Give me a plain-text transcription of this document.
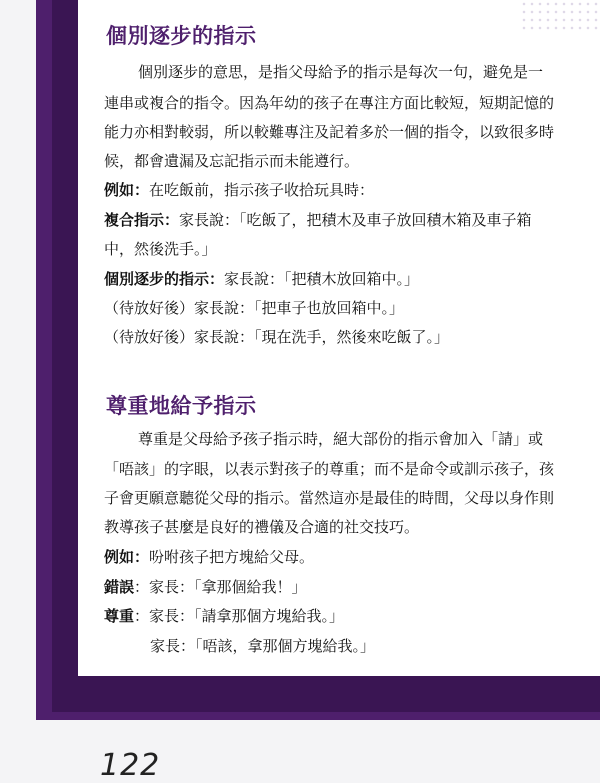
個別逐步的指示

個別逐步的意思，是指父母給予的指示是每次一句，避免是一

連串或複合的指令。因為年幼的孩子在專注方面比較短，短期記憶的

能力亦相對較弱，所以較難專注及記着多於一個的指令，以致很多時

候，都會遺漏及忘記指示而未能遵行。

例如：在吃飯前，指示孩子收拾玩具時：

複合指示：家長說：「吃飯了，把積木及車子放回積木箱及車子箱

中，然後洗手。」

個別逐步的指示：家長說：「把積木放回箱中。」

（待放好後）家長說：「把車子也放回箱中。」

（待放好後）家長說：「現在洗手，然後來吃飯了。」

尊重地給予指示

尊重是父母給予孩子指示時，絕大部份的指示會加入「請」或

「唔該」的字眼，以表示對孩子的尊重；而不是命令或訓示孩子，孩

子會更願意聽從父母的指示。當然這亦是最佳的時間，父母以身作則

教導孩子甚麼是良好的禮儀及合適的社交技巧。

例如：吩咐孩子把方塊給父母。

錯誤：家長：「拿那個給我！」

尊重：家長：「請拿那個方塊給我。」

家長：「唔該，拿那個方塊給我。」

122
